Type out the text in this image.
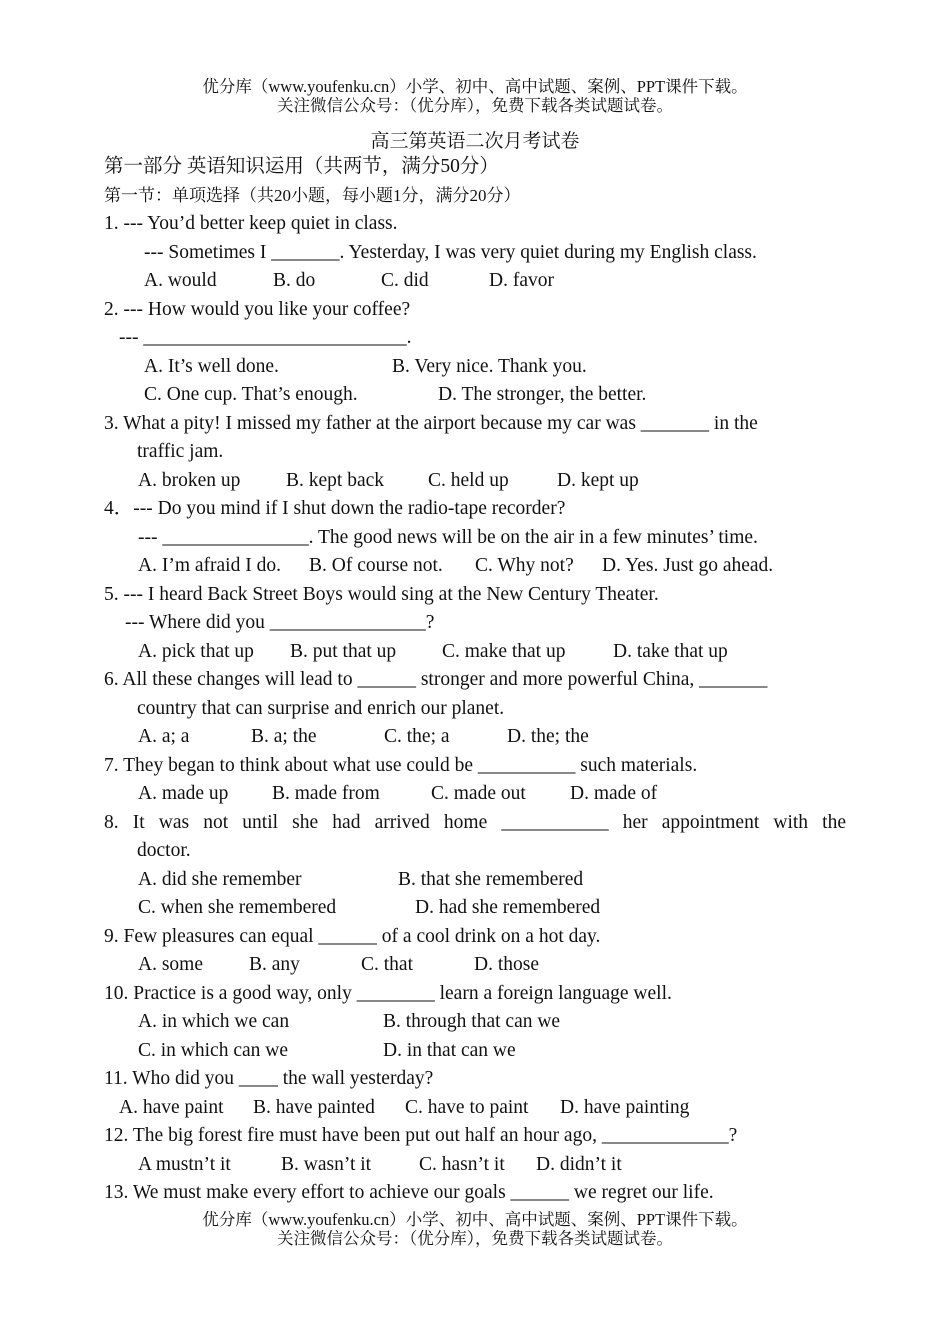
优分库（www.youfenku.cn）小学、初中、高中试题、案例、PPT课件下载。
关注微信公众号：（优分库），免费下载各类试题试卷。
高三第英语二次月考试卷
第一部分 英语知识运用（共两节，满分50分）
第一节：单项选择（共20小题，每小题1分，满分20分）
1. --- You’d better keep quiet in class.
--- Sometimes I _______. Yesterday, I was very quiet during my English class.
A. would	B. do	C. did	D. favor
2. --- How would you like your coffee?
--- ___________________________.
A. It’s well done.	B. Very nice. Thank you.
C. One cup. That’s enough.	D. The stronger, the better.
3. What a pity! I missed my father at the airport because my car was _______ in the
traffic jam.
A. broken up B. kept back C. held up D. kept up
4．--- Do you mind if I shut down the radio-tape recorder?
--- _______________. The good news will be on the air in a few minutes’ time.
A. I’m afraid I do. B. Of course not. C. Why not? D. Yes. Just go ahead.
5. --- I heard Back Street Boys would sing at the New Century Theater.
--- Where did you ________________?
A. pick that up B. put that up C. make that up D. take that up
6. All these changes will lead to ______ stronger and more powerful China, _______
country that can surprise and enrich our planet.
A. a; a	B. a; the	C. the; a	D. the; the
7. They began to think about what use could be __________ such materials.
A. made up B. made from	C. made out D. made of
8. It was not until she had arrived home ___________ her appointment with the
doctor.
A. did she remember	B. that she remembered
C. when she remembered	D. had she remembered
9. Few pleasures can equal ______ of a cool drink on a hot day.
A. some B. any	C. that	D. those
10. Practice is a good way, only ________ learn a foreign language well.
A. in which we can	B. through that can we
C. in which can we	D. in that can we
11. Who did you ____ the wall yesterday?
A. have paint B. have painted C. have to paint D. have painting
12. The big forest fire must have been put out half an hour ago, _____________?
A mustn’t it	B. wasn’t it C. hasn’t it D. didn’t it
13. We must make every effort to achieve our goals ______ we regret our life.
优分库（www.youfenku.cn）小学、初中、高中试题、案例、PPT课件下载。
关注微信公众号：（优分库），免费下载各类试题试卷。
